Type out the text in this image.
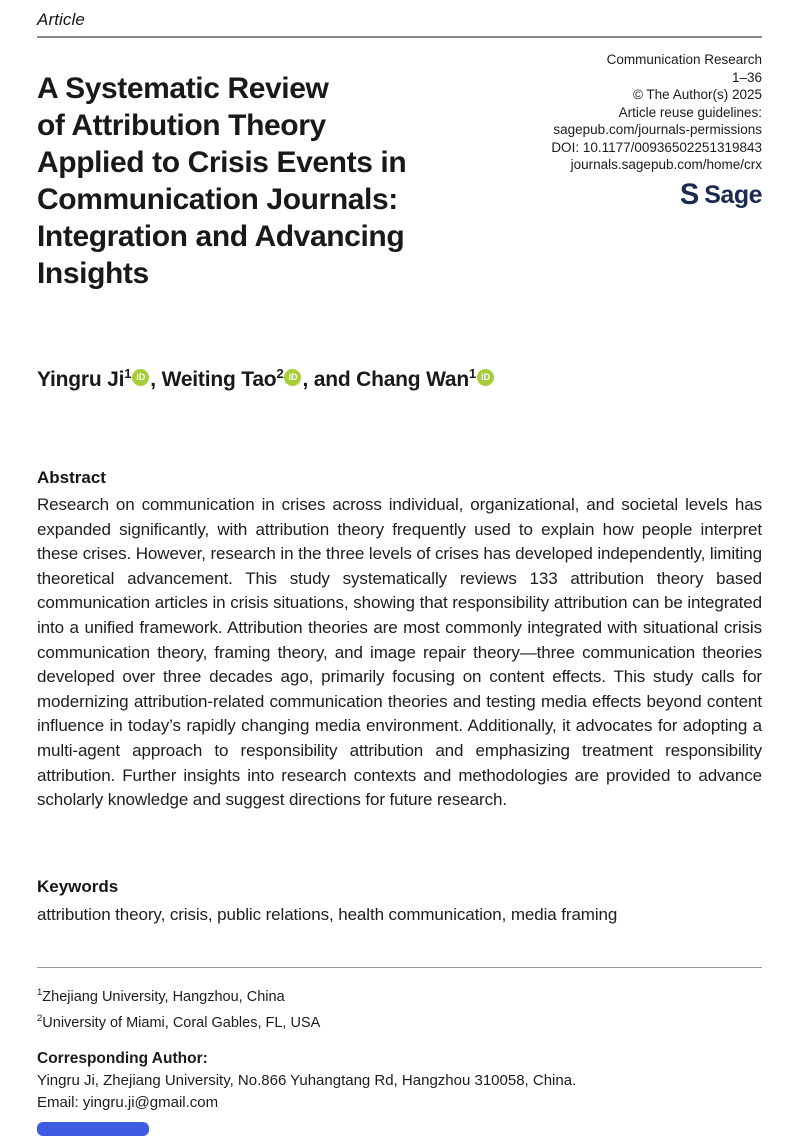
Article
A Systematic Review
of Attribution Theory
Applied to Crisis Events in
Communication Journals:
Integration and Advancing
Insights
Communication Research
1–36
© The Author(s) 2025
Article reuse guidelines:
sagepub.com/journals-permissions
DOI: 10.1177/00936502251319843
journals.sagepub.com/home/crx
S Sage
Yingru Ji$^1$ iD , Weiting Tao$^2$ iD , and Chang Wan$^1$ iD
Abstract

Research on communication in crises across individual, organizational, and societal levels has expanded significantly, with attribution theory frequently used to explain how people interpret these crises. However, research in the three levels of crises has developed independently, limiting theoretical advancement. This study systematically reviews 133 attribution theory based communication articles in crisis situations, showing that responsibility attribution can be integrated into a unified framework. Attribution theories are most commonly integrated with situational crisis communication theory, framing theory, and image repair theory—three communication theories developed over three decades ago, primarily focusing on content effects. This study calls for modernizing attribution-related communication theories and testing media effects beyond content influence in today’s rapidly changing media environment. Additionally, it advocates for adopting a multi-agent approach to responsibility attribution and emphasizing treatment responsibility attribution. Further insights into research contexts and methodologies are provided to advance scholarly knowledge and suggest directions for future research.

Keywords

attribution theory, crisis, public relations, health communication, media framing

$^1$Zhejiang University, Hangzhou, China
$^2$University of Miami, Coral Gables, FL, USA
Corresponding Author:
Yingru Ji, Zhejiang University, No.866 Yuhangtang Rd, Hangzhou 310058, China.
Email: yingru.ji@gmail.com
